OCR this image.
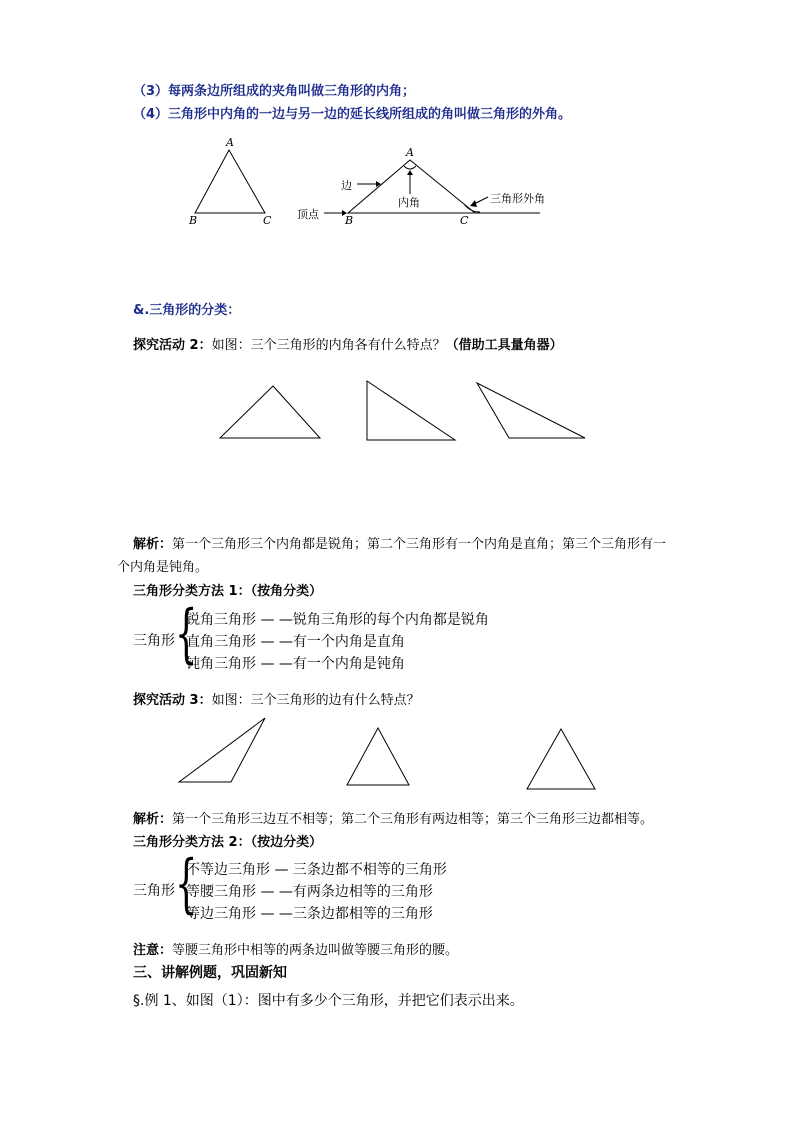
（3）每两条边所组成的夹角叫做三角形的内角；
（4）三角形中内角的一边与另一边的延长线所组成的角叫做三角形的外角。
A
B	C
A
B	C
边
内角
顶点
三角形外角
&.三角形的分类：
探究活动 2：如图：三个三角形的内角各有什么特点？（借助工具量角器）
解析：第一个三角形三个内角都是锐角；第二个三角形有一个内角是直角；第三个三角形有一
个内角是钝角。
三角形分类方法 1：（按角分类）
三角形 {
锐角三角形 — —锐角三角形的每个内角都是锐角
直角三角形 — —有一个内角是直角
钝角三角形 — —有一个内角是钝角
探究活动 3：如图：三个三角形的边有什么特点？
解析：第一个三角形三边互不相等；第二个三角形有两边相等；第三个三角形三边都相等。
三角形分类方法 2：（按边分类）
三角形 {
不等边三角形 — 三条边都不相等的三角形
等腰三角形 — —有两条边相等的三角形
等边三角形 — —三条边都相等的三角形
注意：等腰三角形中相等的两条边叫做等腰三角形的腰。
三、讲解例题，巩固新知
§.例 1、如图（1）：图中有多少个三角形，并把它们表示出来。
